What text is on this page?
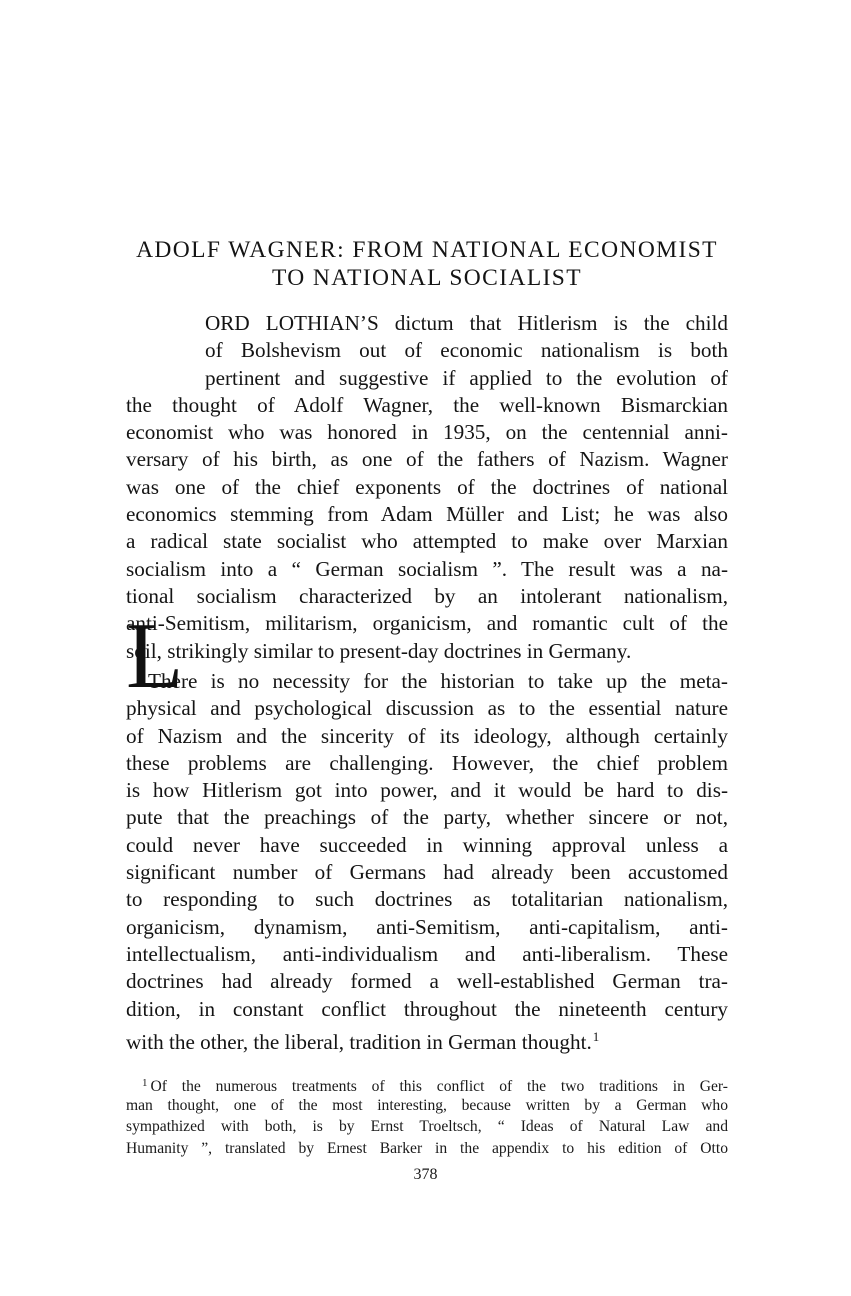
ADOLF WAGNER: FROM NATIONAL ECONOMIST
TO NATIONAL SOCIALIST
L
ORD LOTHIAN’S dictum that Hitlerism is the child
of Bolshevism out of economic nationalism is both
pertinent and suggestive if applied to the evolution of
the thought of Adolf Wagner, the well-known Bismarckian
economist who was honored in 1935, on the centennial anni-
versary of his birth, as one of the fathers of Nazism. Wagner
was one of the chief exponents of the doctrines of national
economics stemming from Adam Müller and List; he was also
a radical state socialist who attempted to make over Marxian
socialism into a “ German socialism ”. The result was a na-
tional socialism characterized by an intolerant nationalism,
anti-Semitism, militarism, organicism, and romantic cult of the
soil, strikingly similar to present-day doctrines in Germany.
There is no necessity for the historian to take up the meta-
physical and psychological discussion as to the essential nature
of Nazism and the sincerity of its ideology, although certainly
these problems are challenging. However, the chief problem
is how Hitlerism got into power, and it would be hard to dis-
pute that the preachings of the party, whether sincere or not,
could never have succeeded in winning approval unless a
significant number of Germans had already been accustomed
to responding to such doctrines as totalitarian nationalism,
organicism, dynamism, anti-Semitism, anti-capitalism, anti-
intellectualism, anti-individualism and anti-liberalism. These
doctrines had already formed a well-established German tra-
dition, in constant conflict throughout the nineteenth century
with the other, the liberal, tradition in German thought.$^1$
$^1$ Of the numerous treatments of this conflict of the two traditions in Ger-
man thought, one of the most interesting, because written by a German who
sympathized with both, is by Ernst Troeltsch, “ Ideas of Natural Law and
Humanity ”, translated by Ernest Barker in the appendix to his edition of Otto
378
